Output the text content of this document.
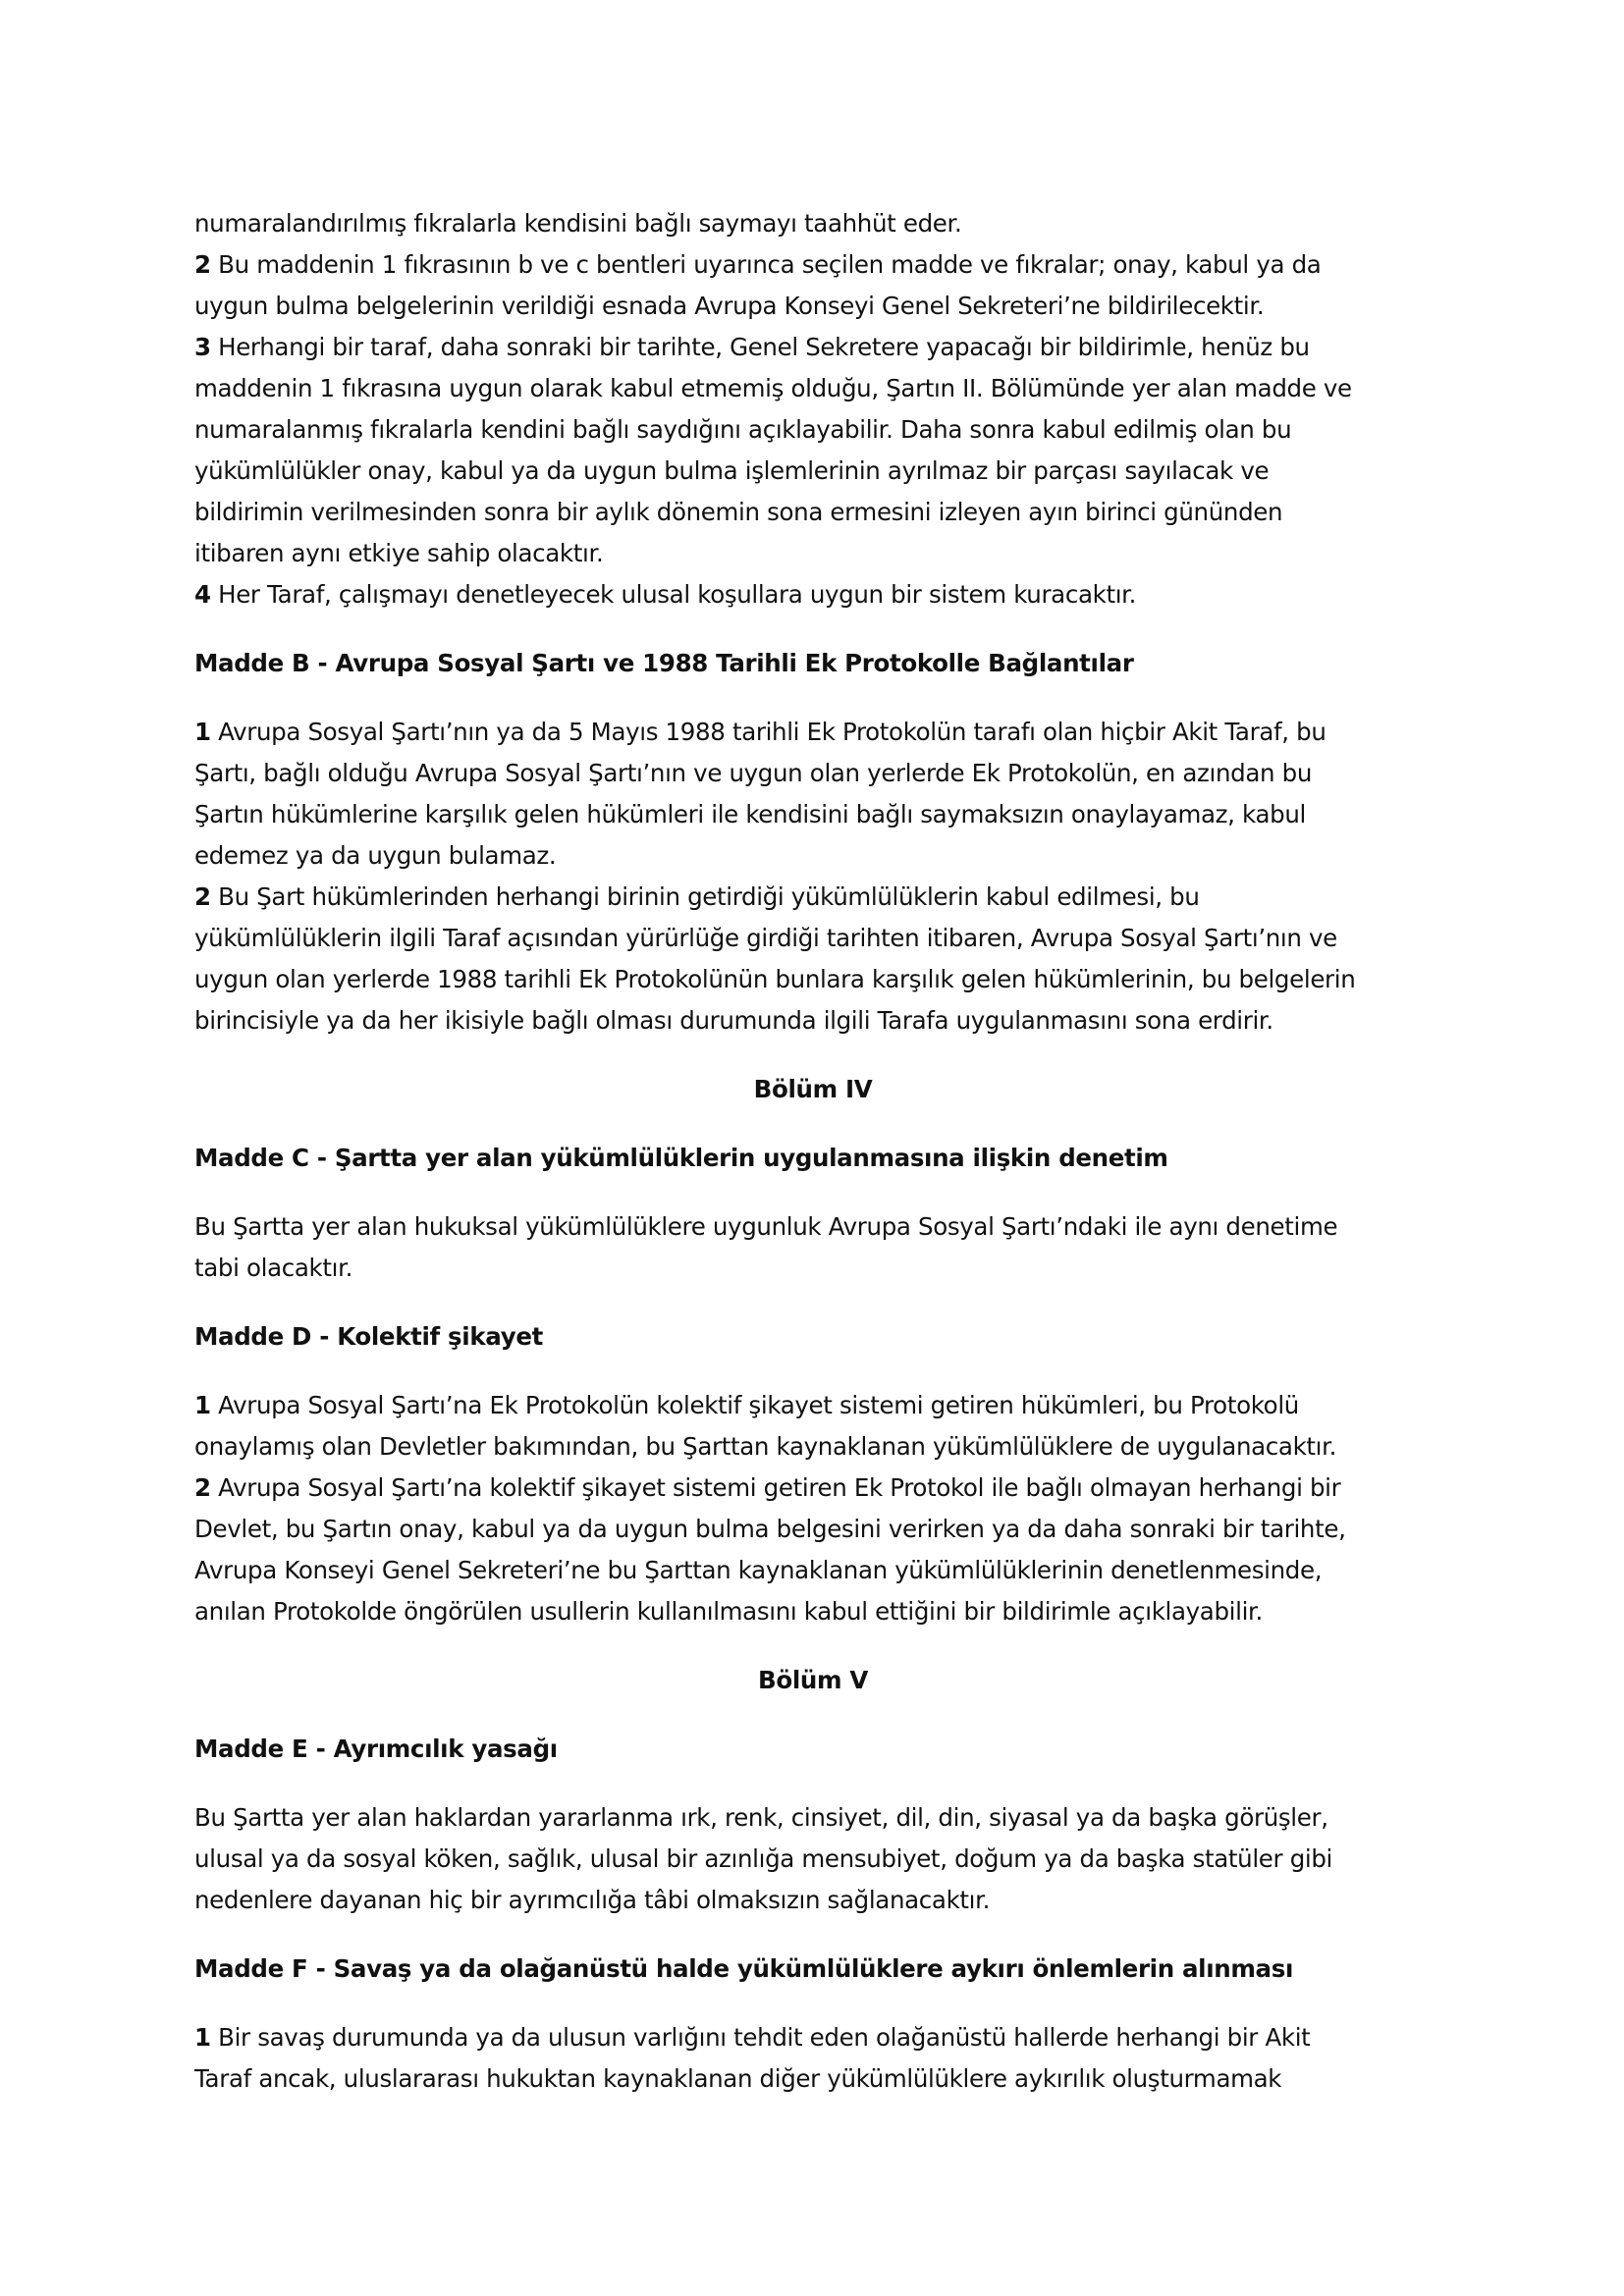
numaralandırılmış fıkralarla kendisini bağlı saymayı taahhüt eder.
2 Bu maddenin 1 fıkrasının b ve c bentleri uyarınca seçilen madde ve fıkralar; onay, kabul ya da
uygun bulma belgelerinin verildiği esnada Avrupa Konseyi Genel Sekreteri’ne bildirilecektir.
3 Herhangi bir taraf, daha sonraki bir tarihte, Genel Sekretere yapacağı bir bildirimle, henüz bu
maddenin 1 fıkrasına uygun olarak kabul etmemiş olduğu, Şartın II. Bölümünde yer alan madde ve
numaralanmış fıkralarla kendini bağlı saydığını açıklayabilir. Daha sonra kabul edilmiş olan bu
yükümlülükler onay, kabul ya da uygun bulma işlemlerinin ayrılmaz bir parçası sayılacak ve
bildirimin verilmesinden sonra bir aylık dönemin sona ermesini izleyen ayın birinci gününden
itibaren aynı etkiye sahip olacaktır.
4 Her Taraf, çalışmayı denetleyecek ulusal koşullara uygun bir sistem kuracaktır.
Madde B - Avrupa Sosyal Şartı ve 1988 Tarihli Ek Protokolle Bağlantılar
1 Avrupa Sosyal Şartı’nın ya da 5 Mayıs 1988 tarihli Ek Protokolün tarafı olan hiçbir Akit Taraf, bu
Şartı, bağlı olduğu Avrupa Sosyal Şartı’nın ve uygun olan yerlerde Ek Protokolün, en azından bu
Şartın hükümlerine karşılık gelen hükümleri ile kendisini bağlı saymaksızın onaylayamaz, kabul
edemez ya da uygun bulamaz.
2 Bu Şart hükümlerinden herhangi birinin getirdiği yükümlülüklerin kabul edilmesi, bu
yükümlülüklerin ilgili Taraf açısından yürürlüğe girdiği tarihten itibaren, Avrupa Sosyal Şartı’nın ve
uygun olan yerlerde 1988 tarihli Ek Protokolünün bunlara karşılık gelen hükümlerinin, bu belgelerin
birincisiyle ya da her ikisiyle bağlı olması durumunda ilgili Tarafa uygulanmasını sona erdirir.
Bölüm IV
Madde C - Şartta yer alan yükümlülüklerin uygulanmasına ilişkin denetim
Bu Şartta yer alan hukuksal yükümlülüklere uygunluk Avrupa Sosyal Şartı’ndaki ile aynı denetime
tabi olacaktır.
Madde D - Kolektif şikayet
1 Avrupa Sosyal Şartı’na Ek Protokolün kolektif şikayet sistemi getiren hükümleri, bu Protokolü
onaylamış olan Devletler bakımından, bu Şarttan kaynaklanan yükümlülüklere de uygulanacaktır.
2 Avrupa Sosyal Şartı’na kolektif şikayet sistemi getiren Ek Protokol ile bağlı olmayan herhangi bir
Devlet, bu Şartın onay, kabul ya da uygun bulma belgesini verirken ya da daha sonraki bir tarihte,
Avrupa Konseyi Genel Sekreteri’ne bu Şarttan kaynaklanan yükümlülüklerinin denetlenmesinde,
anılan Protokolde öngörülen usullerin kullanılmasını kabul ettiğini bir bildirimle açıklayabilir.
Bölüm V
Madde E - Ayrımcılık yasağı
Bu Şartta yer alan haklardan yararlanma ırk, renk, cinsiyet, dil, din, siyasal ya da başka görüşler,
ulusal ya da sosyal köken, sağlık, ulusal bir azınlığa mensubiyet, doğum ya da başka statüler gibi
nedenlere dayanan hiç bir ayrımcılığa tâbi olmaksızın sağlanacaktır.
Madde F - Savaş ya da olağanüstü halde yükümlülüklere aykırı önlemlerin alınması
1 Bir savaş durumunda ya da ulusun varlığını tehdit eden olağanüstü hallerde herhangi bir Akit
Taraf ancak, uluslararası hukuktan kaynaklanan diğer yükümlülüklere aykırılık oluşturmamak
